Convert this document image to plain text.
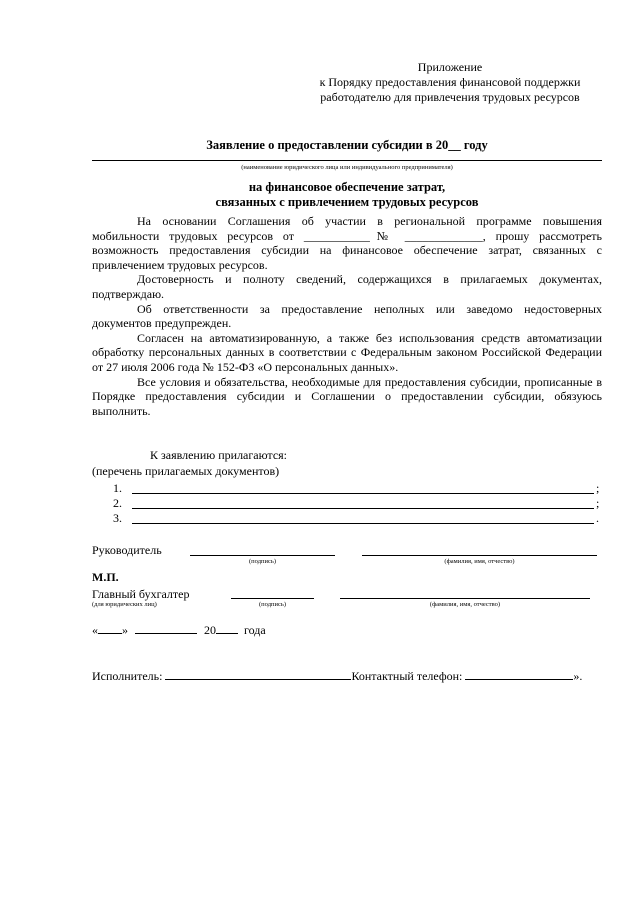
Приложение
к Порядку предоставления финансовой поддержки
работодателю для привлечения трудовых ресурсов
Заявление о предоставлении субсидии в 20__ году
(наименование юридического лица или индивидуального предпринимателя)
на финансовое обеспечение затрат,
связанных с привлечением трудовых ресурсов

На основании Соглашения об участии в региональной программе повышения мобильности трудовых ресурсов от ___________№ _____________, прошу рассмотреть возможность предоставления субсидии на финансовое обеспечение затрат, связанных с привлечением трудовых ресурсов.

Достоверность и полноту сведений, содержащихся в прилагаемых документах, подтверждаю.

Об ответственности за предоставление неполных или заведомо недостоверных документов предупрежден.

Согласен на автоматизированную, а также без использования средств автоматизации обработку персональных данных в соответствии с Федеральным законом Российской Федерации от 27 июля 2006 года № 152-ФЗ «О персональных данных».

Все условия и обязательства, необходимые для предоставления субсидии, прописанные в Порядке предоставления субсидии и Соглашении о предоставлении субсидии, обязуюсь выполнить.

К заявлению прилагаются:
(перечень прилагаемых документов)
1.	;
2.	;
3.	.
Руководитель
(подпись)	(фамилия, имя, отчество)
М.П.
Главный бухгалтер
(для юридических лиц)	(подпись)	(фамилия, имя, отчество)
« »	20 года
Исполнитель:	Контактный телефон:	».
